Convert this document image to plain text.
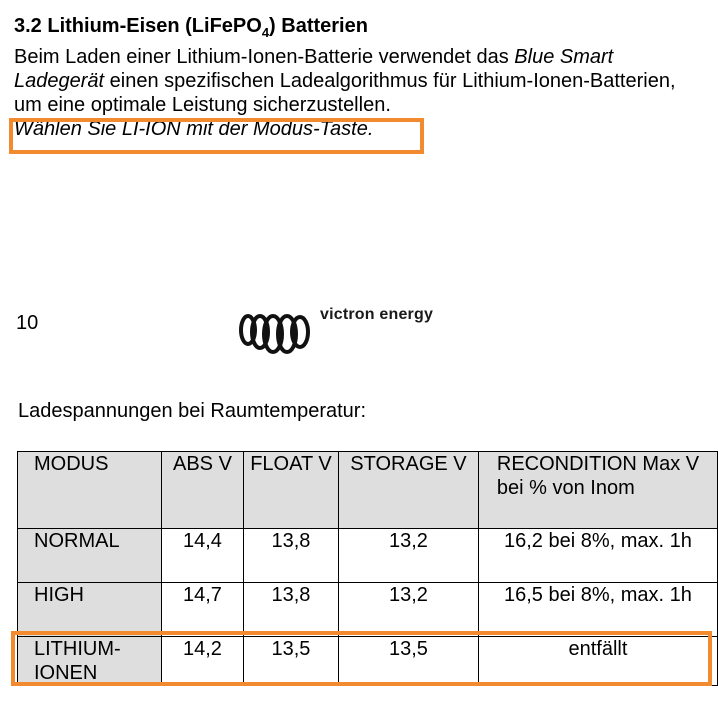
3.2 Lithium-Eisen (LiFePO$_4$) Batterien

Beim Laden einer Lithium-Ionen-Batterie verwendet das Blue Smart Ladegerät einen spezifischen Ladealgorithmus für Lithium-Ionen-Batterien, um eine optimale Leistung sicherzustellen.

Wählen Sie LI-ION mit der Modus-Taste.

10	victron energy
Ladespannungen bei Raumtemperatur:
MODUS	ABS V	FLOAT V	STORAGE V	RECONDITION Max V bei % von Inom
NORMAL	14,4	13,8	13,2	16,2 bei 8%, max. 1h
HIGH	14,7	13,8	13,2	16,5 bei 8%, max. 1h
LITHIUM-IONEN	14,2	13,5	13,5	entfällt
